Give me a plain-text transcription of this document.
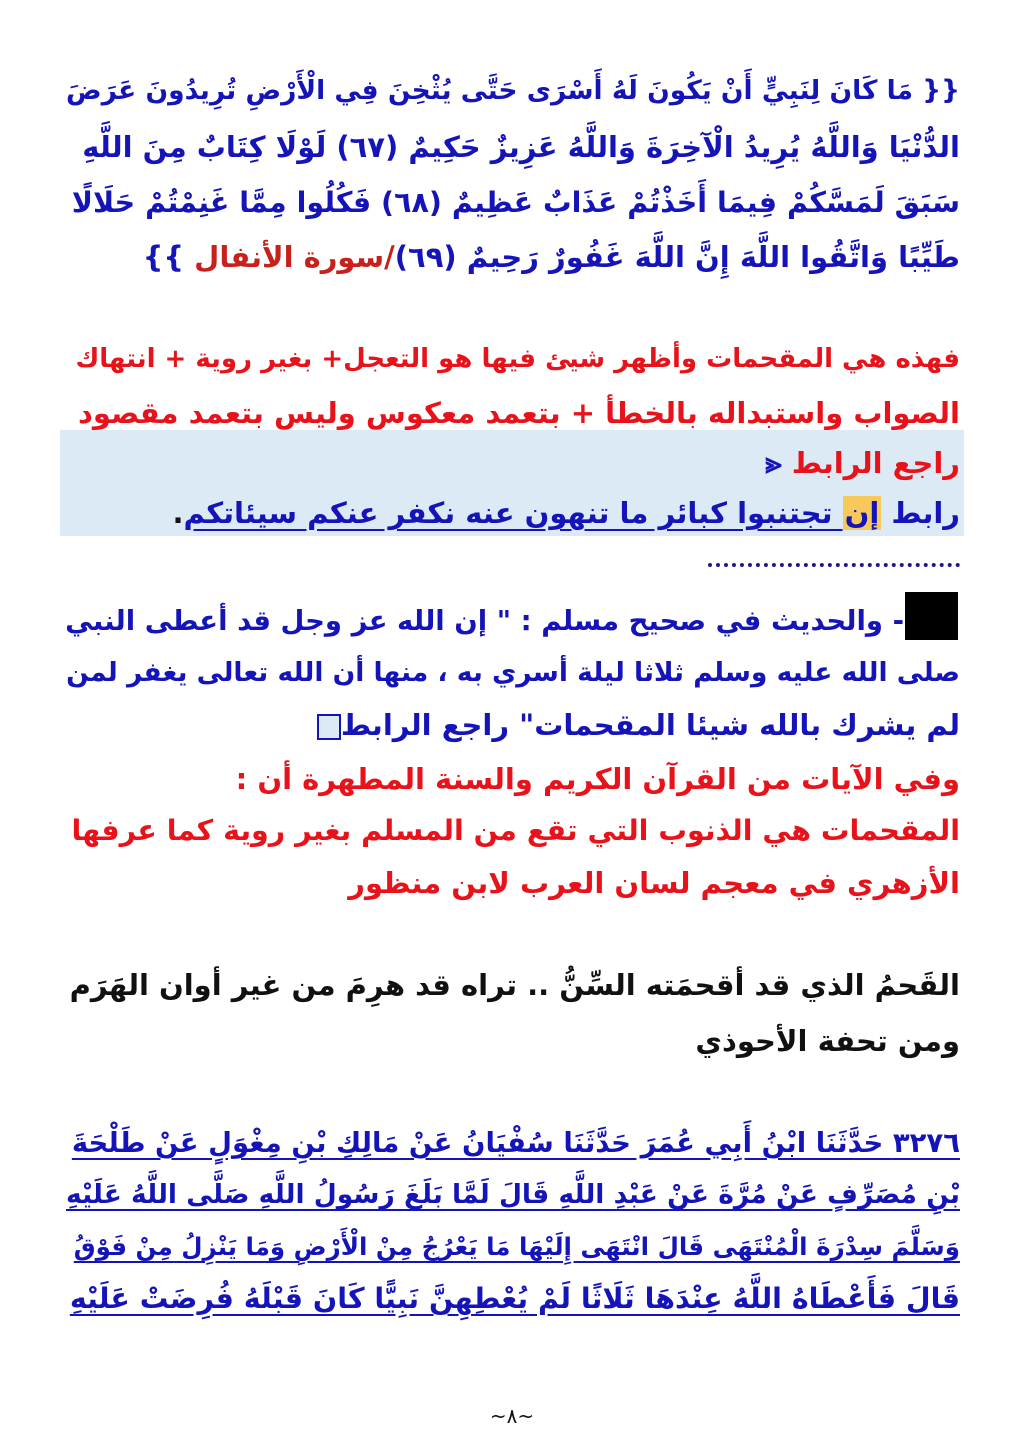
{{ مَا كَانَ لِنَبِيٍّ أَنْ يَكُونَ لَهُ أَسْرَى حَتَّى يُثْخِنَ فِي الْأَرْضِ تُرِيدُونَ عَرَضَ
الدُّنْيَا وَاللَّهُ يُرِيدُ الْآخِرَةَ وَاللَّهُ عَزِيزٌ حَكِيمٌ (٦٧) لَوْلَا كِتَابٌ مِنَ اللَّهِ
سَبَقَ لَمَسَّكُمْ فِيمَا أَخَذْتُمْ عَذَابٌ عَظِيمٌ (٦٨) فَكُلُوا مِمَّا غَنِمْتُمْ حَلَالًا
طَيِّبًا وَاتَّقُوا اللَّهَ إِنَّ اللَّهَ غَفُورٌ رَحِيمٌ (٦٩)/سورة الأنفال }}
فهذه هي المقحمات وأظهر شيئ فيها هو التعجل+ بغير روية + انتهاك
الصواب واستبداله بالخطأ + بتعمد معكوس وليس بتعمد مقصود
راجع الرابط ⪡
رابط إن تجتنبوا كبائر ما تنهون عنه نكفر عنكم سيئاتكم.
- والحديث في صحيح مسلم : " إن الله عز وجل قد أعطى النبي
صلى الله عليه وسلم ثلاثا ليلة أسري به ، منها أن الله تعالى يغفر لمن
لم يشرك بالله شيئا المقحمات" راجع الرابط
وفي الآيات من القرآن الكريم والسنة المطهرة أن :
المقحمات هي الذنوب التي تقع من المسلم بغير روية كما عرفها
الأزهري في معجم لسان العرب لابن منظور
القَحمُ الذي قد أقحمَته السِّنُّ .. تراه قد هرِمَ من غير أوان الهَرَم
ومن تحفة الأحوذي
٣٢٧٦ حَدَّثَنَا ابْنُ أَبِي عُمَرَ حَدَّثَنَا سُفْيَانُ عَنْ مَالِكِ بْنِ مِغْوَلٍ عَنْ طَلْحَةَ
بْنِ مُصَرِّفٍ عَنْ مُرَّةَ عَنْ عَبْدِ اللَّهِ قَالَ لَمَّا بَلَغَ رَسُولُ اللَّهِ صَلَّى اللَّهُ عَلَيْهِ
وَسَلَّمَ سِدْرَةَ الْمُنْتَهَى قَالَ انْتَهَى إِلَيْهَا مَا يَعْرُجُ مِنْ الْأَرْضِ وَمَا يَنْزِلُ مِنْ فَوْقُ
قَالَ فَأَعْطَاهُ اللَّهُ عِنْدَهَا ثَلَاثًا لَمْ يُعْطِهِنَّ نَبِيًّا كَانَ قَبْلَهُ فُرِضَتْ عَلَيْهِ
~٨~
